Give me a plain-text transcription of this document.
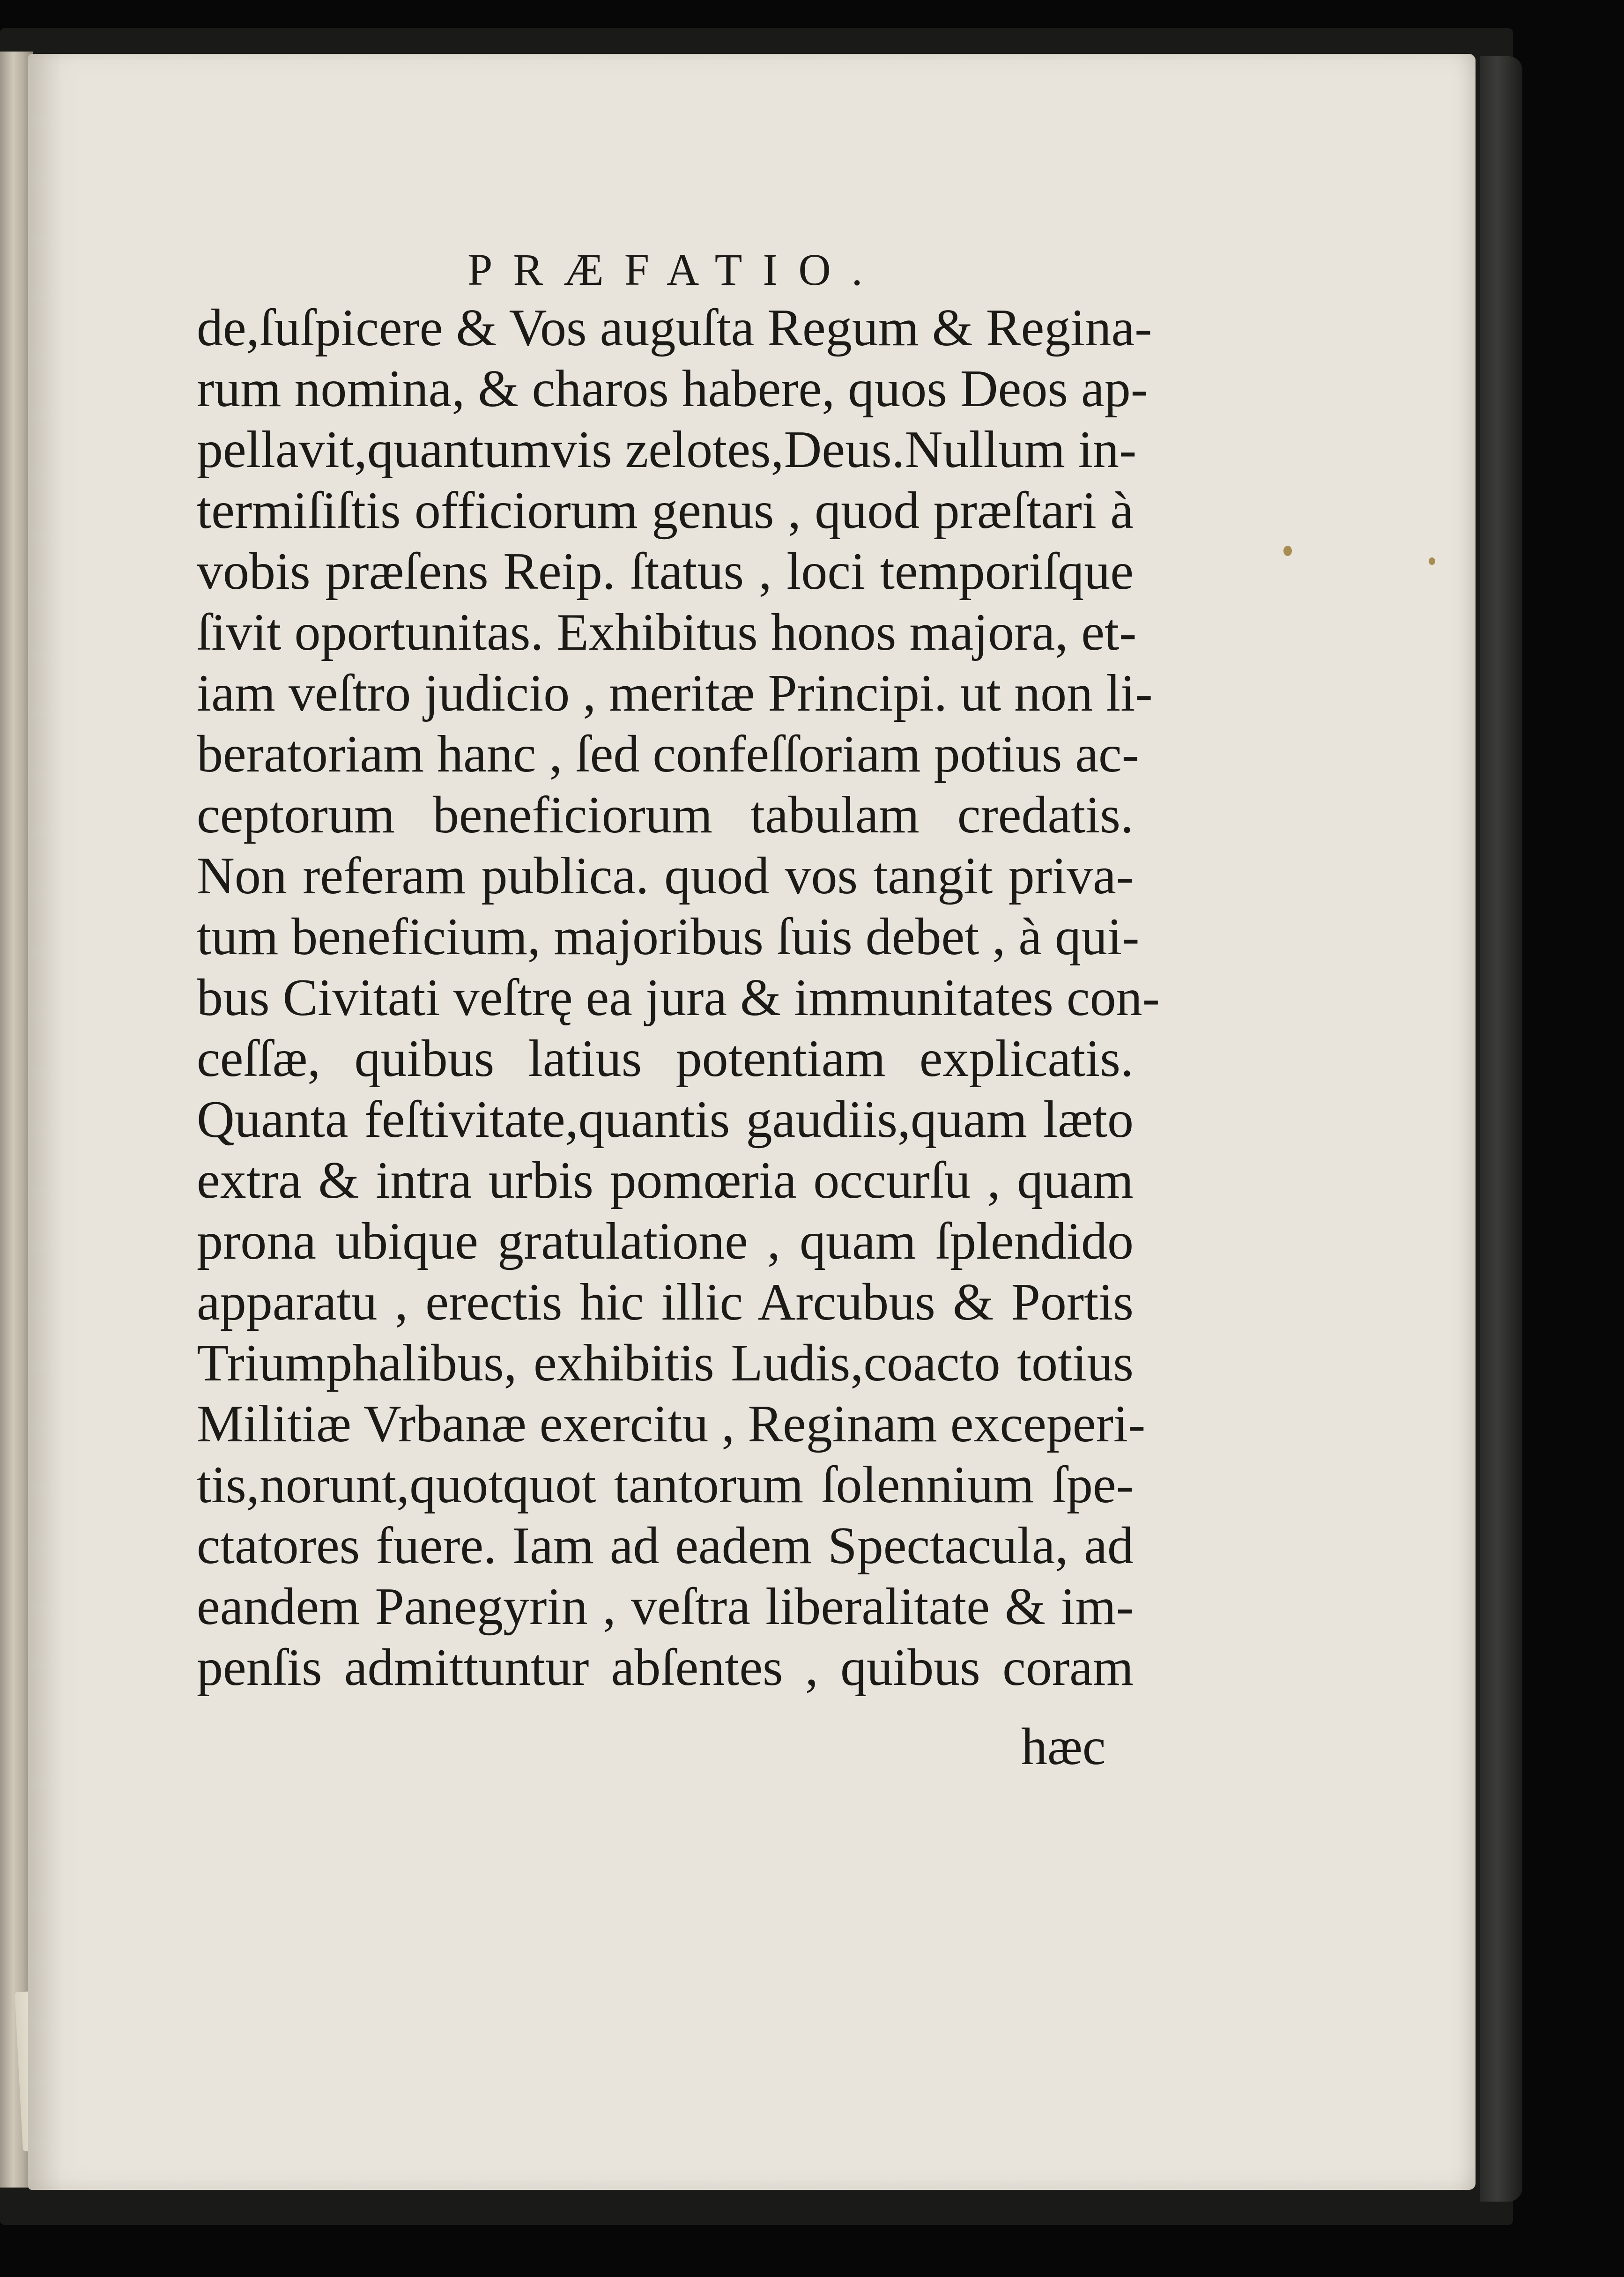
PRÆFATIO.
de,ſuſpicere & Vos auguſta Regum & Regina-
rum nomina, & charos habere, quos Deos ap-
pellavit,quantumvis zelotes,Deus.Nullum in-
termiſiſtis officiorum genus , quod præſtari à
vobis præſens Reip. ſtatus , loci temporiſque
ſivit oportunitas. Exhibitus honos majora, et-
iam veſtro judicio , meritæ Principi. ut non li-
beratoriam hanc , ſed confeſſoriam potius ac-
ceptorum beneficiorum tabulam credatis.
Non referam publica. quod vos tangit priva-
tum beneficium, majoribus ſuis debet , à qui-
bus Civitati veſtrę ea jura & immunitates con-
ceſſæ, quibus latius potentiam explicatis.
Quanta feſtivitate,quantis gaudiis,quam læto
extra & intra urbis pomœria occurſu , quam
prona ubique gratulatione , quam ſplendido
apparatu , erectis hic illic Arcubus & Portis
Triumphalibus, exhibitis Ludis,coacto totius
Militiæ Vrbanæ exercitu , Reginam exceperi-
tis,norunt,quotquot tantorum ſolennium ſpe-
ctatores fuere. Iam ad eadem Spectacula, ad
eandem Panegyrin , veſtra liberalitate & im-
penſis admittuntur abſentes , quibus coram
hæc
